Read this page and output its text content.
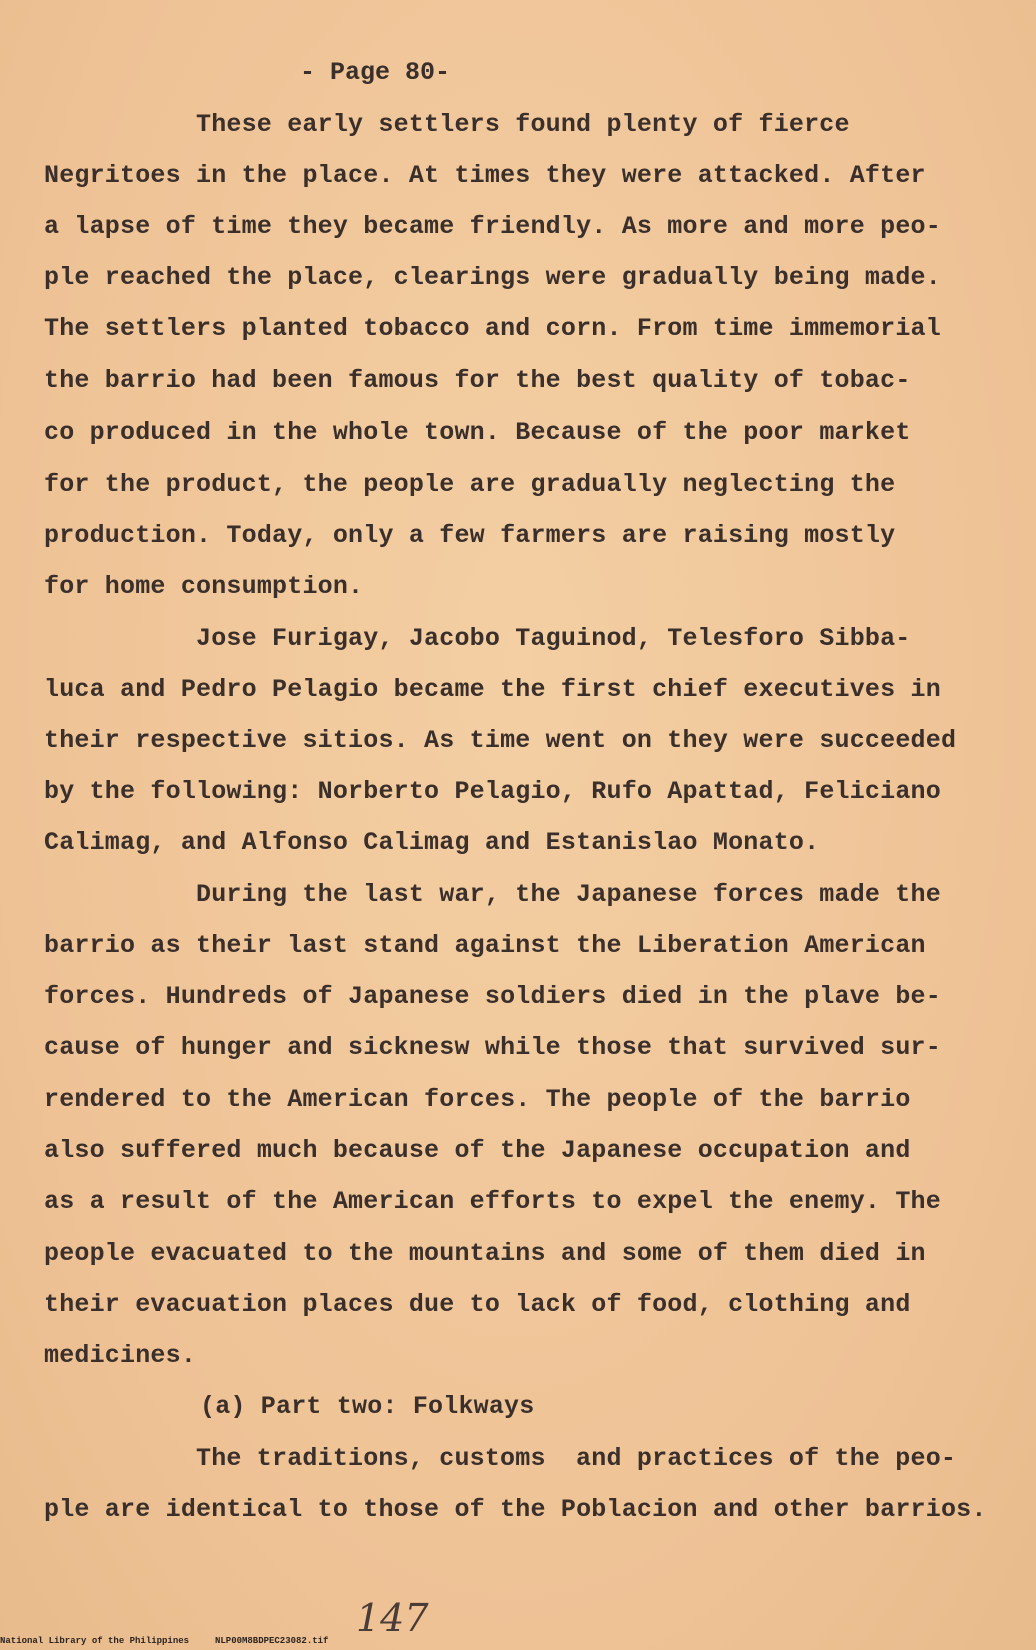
- Page 80-
These early settlers found plenty of fierce
Negritoes in the place. At times they were attacked. After
a lapse of time they became friendly. As more and more peo-
ple reached the place, clearings were gradually being made.
The settlers planted tobacco and corn. From time immemorial
the barrio had been famous for the best quality of tobac-
co produced in the whole town. Because of the poor market
for the product, the people are gradually neglecting the
production. Today, only a few farmers are raising mostly
for home consumption.
Jose Furigay, Jacobo Taguinod, Telesforo Sibba-
luca and Pedro Pelagio became the first chief executives in
their respective sitios. As time went on they were succeeded
by the following: Norberto Pelagio, Rufo Apattad, Feliciano
Calimag, and Alfonso Calimag and Estanislao Monato.
During the last war, the Japanese forces made the
barrio as their last stand against the Liberation American
forces. Hundreds of Japanese soldiers died in the plave be-
cause of hunger and sicknesw while those that survived sur-
rendered to the American forces. The people of the barrio
also suffered much because of the Japanese occupation and
as a result of the American efforts to expel the enemy. The
people evacuated to the mountains and some of them died in
their evacuation places due to lack of food, clothing and
medicines.
(a) Part two: Folkways
The traditions, customs  and practices of the peo-
ple are identical to those of the Poblacion and other barrios.
147
National Library of the Philippines	NLP00M8BDPEC23082.tif
